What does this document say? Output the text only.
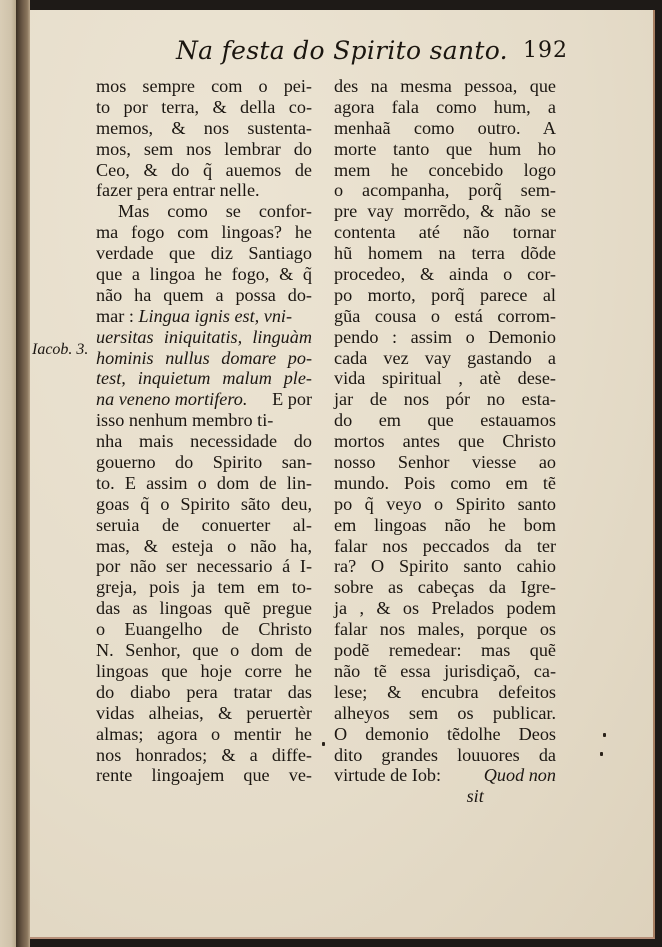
Na festa do Spirito santo. 192
Iacob. 3.
mos sempre com o pei-
to por terra, & della co-
memos, & nos sustenta-
mos, sem nos lembrar do
Ceo, & do q̃ auemos de
fazer pera entrar nelle.
Mas como se confor-
ma fogo com lingoas? he
verdade que diz Santiago
que a lingoa he fogo, & q̃
não ha quem a possa do-
mar : Lingua ignis est, vni-
uersitas iniquitatis, linguàm
hominis nullus domare po-
test, inquietum malum ple-
na veneno mortifero. E por
isso nenhum membro ti-
nha mais necessidade do
gouerno do Spirito san-
to. E assim o dom de lin-
goas q̃ o Spirito sãto deu,
seruia de conuerter al-
mas, & esteja o não ha,
por não ser necessario á I-
greja, pois ja tem em to-
das as lingoas quẽ pregue
o Euangelho de Christo
N. Senhor, que o dom de
lingoas que hoje corre he
do diabo pera tratar das
vidas alheias, & peruertèr
almas; agora o mentir he
nos honrados; & a diffe-
rente lingoajem que ve-
des na mesma pessoa, que
agora fala como hum, a
menhaã como outro. A
morte tanto que hum ho
mem he concebido logo
o acompanha, porq̃ sem-
pre vay morrẽdo, & não se
contenta até não tornar
hũ homem na terra dõde
procedeo, & ainda o cor-
po morto, porq̃ parece al
gũa cousa o está corrom-
pendo : assim o Demonio
cada vez vay gastando a
vida spiritual , atè dese-
jar de nos pór no esta-
do em que estauamos
mortos antes que Christo
nosso Senhor viesse ao
mundo. Pois como em tẽ
po q̃ veyo o Spirito santo
em lingoas não he bom
falar nos peccados da ter
ra? O Spirito santo cahio
sobre as cabeças da Igre-
ja , & os Prelados podem
falar nos males, porque os
podẽ remedear: mas quẽ
não tẽ essa jurisdiçaõ, ca-
lese; & encubra defeitos
alheyos sem os publicar.
O demonio tẽdolhe Deos
dito grandes louuores da
virtude de Iob: Quod non
sit
